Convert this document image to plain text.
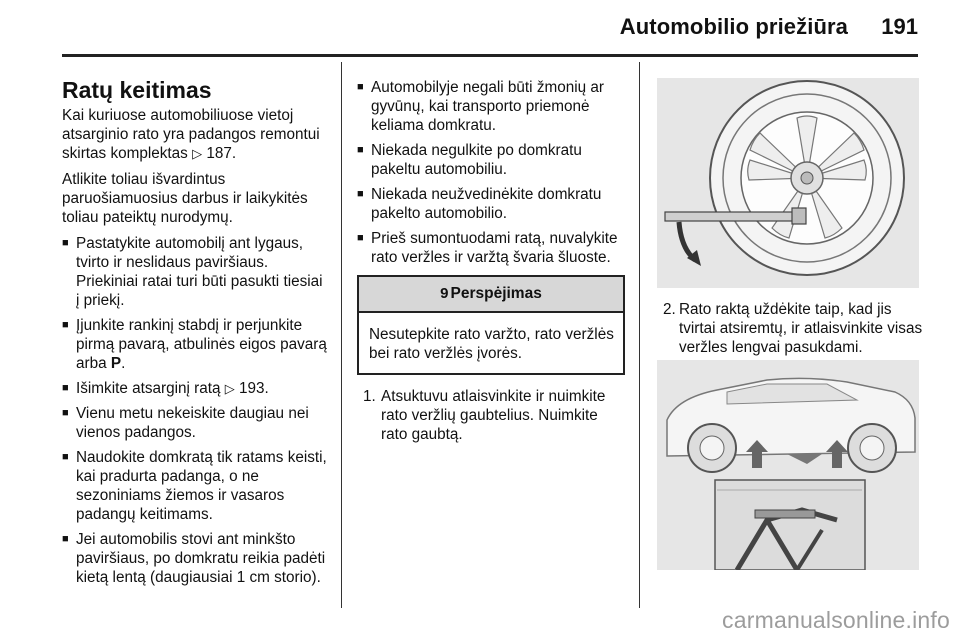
Automobilio priežiūra 191
Ratų keitimas

Kai kuriuose automobiliuose vietoj atsarginio rato yra padangos remontui skirtas komplektas ▷ 187.

Atlikite toliau išvardintus paruošiamuosius darbus ir laikykitės toliau pateiktų nurodymų.

■ Pastatykite automobilį ant lygaus, tvirto ir neslidaus paviršiaus. Priekiniai ratai turi būti pasukti tiesiai į priekį.
■ Įjunkite rankinį stabdį ir perjunkite pirmą pavarą, atbulinės eigos pavarą arba P.
■ Išimkite atsarginį ratą ▷ 193.
■ Vienu metu nekeiskite daugiau nei vienos padangos.
■ Naudokite domkratą tik ratams keisti, kai pradurta padanga, o ne sezoniniams žiemos ir vasaros padangų keitimams.
■ Jei automobilis stovi ant minkšto paviršiaus, po domkratu reikia padėti kietą lentą (daugiausiai 1 cm storio).
■ Automobilyje negali būti žmonių ar gyvūnų, kai transporto priemonė keliama domkratu.
■ Niekada negulkite po domkratu pakeltu automobiliu.
■ Niekada neužvedinėkite domkratu pakelto automobilio.
■ Prieš sumontuodami ratą, nuvalykite rato veržles ir varžtą švaria šluoste.
9 Perspėjimas
Nesutepkite rato varžto, rato veržlės bei rato veržlės įvorės.
1. Atsuktuvu atlaisvinkite ir nuimkite rato veržlių gaubtelius. Nuimkite rato gaubtą.
2. Rato raktą uždėkite taip, kad jis tvirtai atsiremtų, ir atlaisvinkite visas veržles lengvai pasukdami.
carmanualsonline.info
